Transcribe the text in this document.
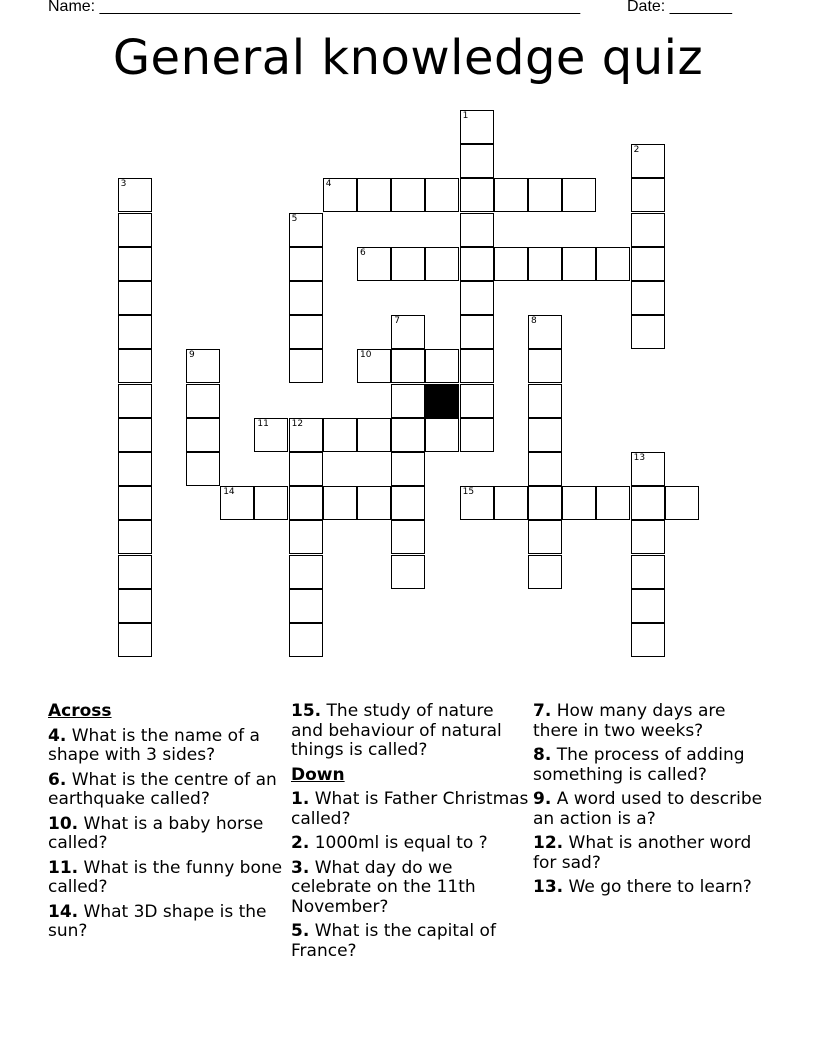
Name: ______________________________________________________	Date: _______
General knowledge quiz
1
2
3	4
5
6
7	8
9	10
11	12
13
14	15
Across
4. What is the name of a shape with 3 sides?
6. What is the centre of an earthquake called?
10. What is a baby horse called?
11. What is the funny bone called?
14. What 3D shape is the sun?
15. The study of nature and behaviour of natural things is called?
Down
1. What is Father Christmas called?
2. 1000ml is equal to ?
3. What day do we celebrate on the 11th November?
5. What is the capital of France?
7. How many days are there in two weeks?
8. The process of adding something is called?
9. A word used to describe an action is a?
12. What is another word for sad?
13. We go there to learn?
